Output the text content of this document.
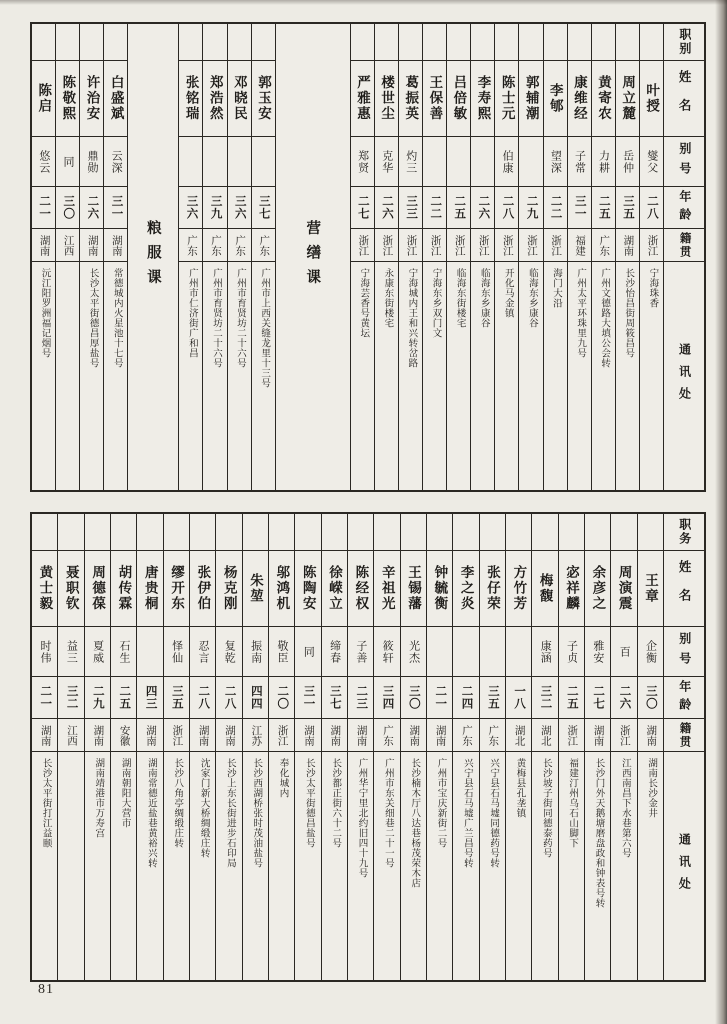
陈启
悠云
二一
湖南
沅江阳罗洲福记烟号
陈敬熙
同
三〇
江西
许治安
鼎勋
二六
湖南
长沙太平街德昌厚盐号
白盛斌
云深
三一
湖南
常德城内火星池十七号
粮服课
张铭瑞
三六
广东
广州市仁济街广和昌
郑浩然
三九
广东
广州市育贤坊二十六号
邓晓民
三六
广东
广州市育贤坊二十六号
郭玉安
三七
广东
广州市上西关缝龙里十三号
营缮课
严雅惠
郑贤
二七
浙江
宁海芸香号黄坛
楼世尘
克华
二六
浙江
永康东街楼宅
葛振英
灼三
三三
浙江
宁海城内王和兴转岔路
王保善
二二
浙江
宁海东乡双门文
吕倍敏
二五
浙江
临海东街楼宅
李寿熙
二六
浙江
临海东乡康谷
陈士元
伯康
二八
浙江
开化马金镇
郭辅潮
二九
浙江
临海东乡康谷
李郇
望深
二二
浙江
海门大沿
康维经
子常
三一
福建
广州太平环珠里九号
黄寄农
力耕
二五
广东
广州文德路大填公会转
周立麓
岳仲
三五
湖南
长沙怡昌街周筱昌号
叶授
燮父
二八
浙江
宁海珠香
职别
姓名
别号
年龄
籍贯
通讯处
黄士毅
时伟
二一
湖南
长沙太平街打江益颐
聂职钦
益三
三二
江西
周德葆
夏威
二九
湖南
湖南靖港市万寿宫
胡传霖
石生
二五
安徽
湖南朝阳大营市
唐贵桐
四三
湖南
湖南常德近盐巷黄裕兴转
缪开东
怿仙
三五
浙江
长沙八角亭绸缎庄转
张伊伯
忍言
二八
湖南
沈家门新大桥绸缎庄转
杨克刚
复乾
二八
湖南
长沙上东长街进步石印局
朱堃
振南
四四
江苏
长沙西湖桥张时茂油盐号
邬鸿机
敬臣
二〇
浙江
奉化城内
陈陶安
同
三一
湖南
长沙太平街德昌盐号
徐嵘立
缔春
三七
湖南
长沙都正街六十二号
陈经权
子善
二三
湖南
广州华宁里北约旧四十九号
辛祖光
筱轩
三四
广东
广州市东关细巷二十一号
王锡藩
光杰
三〇
湖南
长沙楠木厅八达巷杨茂荣木店
钟毓衡
二一
湖南
广州市宝庆新街二号
李之炎
二四
广东
兴宁县石马墟广兰昌号转
张仔荣
三五
广东
兴宁县石马墟同德药号转
方竹芳
一八
湖北
黄梅县孔垄镇
梅馥
康涵
三二
湖北
长沙坡子街同德泰药号
宓祥麟
子贞
二五
浙江
福建汀州乌石山脚下
余彦之
雅安
二七
湖南
长沙门外天鹅塘磨盘政和钟表号转
周演震
百
二六
浙江
江西南昌下水巷第六号
王章
企衡
三〇
湖南
湖南长沙金井
职务
姓名
别号
年龄
籍贯
通讯处
81
